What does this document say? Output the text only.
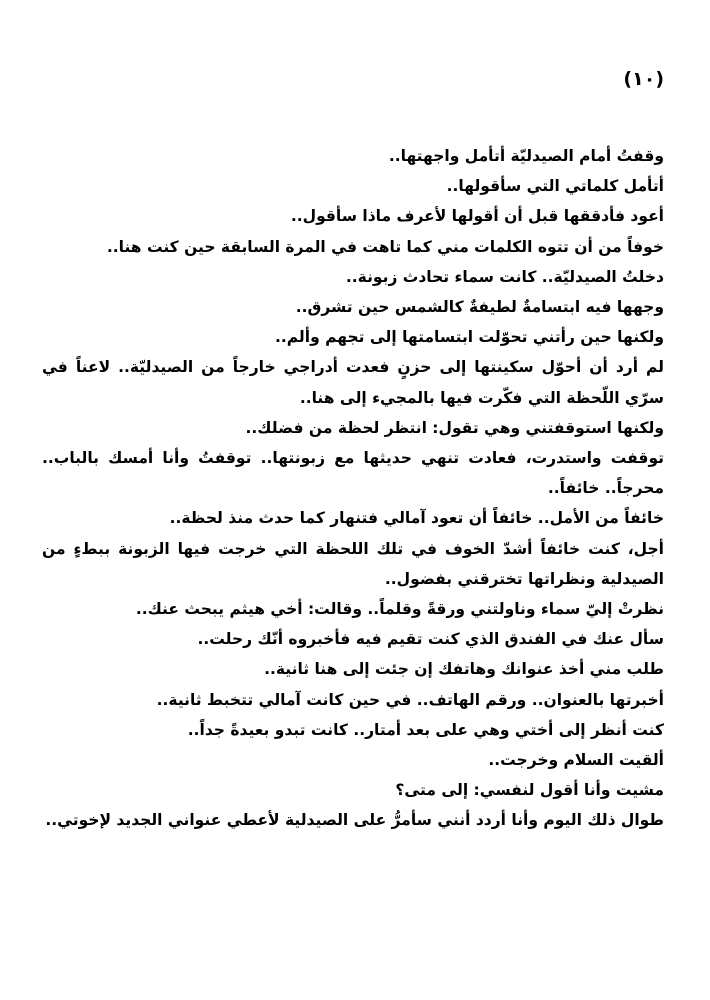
(١٠)

وقفتُ أمام الصيدليّة أتأمل واجهتها..

أتأمل كلماتي التي سأقولها..

أعود فأدققها قبل أن أقولها لأعرف ماذا سأقول..

خوفاً من أن تتوه الكلمات مني كما تاهت في المرة السابقة حين كنت هنا..

دخلتُ الصيدليّة.. كانت سماء تحادث زبونة..

وجهها فيه ابتسامةٌ لطيفةٌ كالشمس حين تشرق..

ولكنها حين رأتني تحوّلت ابتسامتها إلى تجهم وألم..

لم أرد أن أحوّل سكينتها إلى حزنٍ فعدت أدراجي خارجاً من الصيدليّة.. لاعناً في سرّي اللّحظة التي فكّرت فيها بالمجيء إلى هنا..

ولكنها استوقفتني وهي تقول: انتظر لحظة من فضلك..

توقفت واستدرت، فعادت تنهي حديثها مع زبونتها.. توقفتُ وأنا أمسك بالباب.. محرجاً.. خائفاً..

خائفاً من الأمل.. خائفاً أن تعود آمالي فتنهار كما حدث منذ لحظة..

أجل، كنت خائفاً أشدّ الخوف في تلك اللحظة التي خرجت فيها الزبونة ببطءٍ من الصيدلية ونظراتها تخترقني بفضول..

نظرتْ إليّ سماء وناولتني ورقةً وقلماً.. وقالت: أخي هيثم يبحث عنك..

سأل عنك في الفندق الذي كنت تقيم فيه فأخبروه أنّك رحلت..

طلب مني أخذ عنوانك وهاتفك إن جئت إلى هنا ثانية..

أخبرتها بالعنوان.. ورقم الهاتف.. في حين كانت آمالي تتخبط ثانية..

كنت أنظر إلى أختي وهي على بعد أمتار.. كانت تبدو بعيدةً جداً..

ألقيت السلام وخرجت..

مشيت وأنا أقول لنفسي: إلى متى؟

طوال ذلك اليوم وأنا أردد أنني سأمرُّ على الصيدلية لأعطي عنواني الجديد لإخوتي..
